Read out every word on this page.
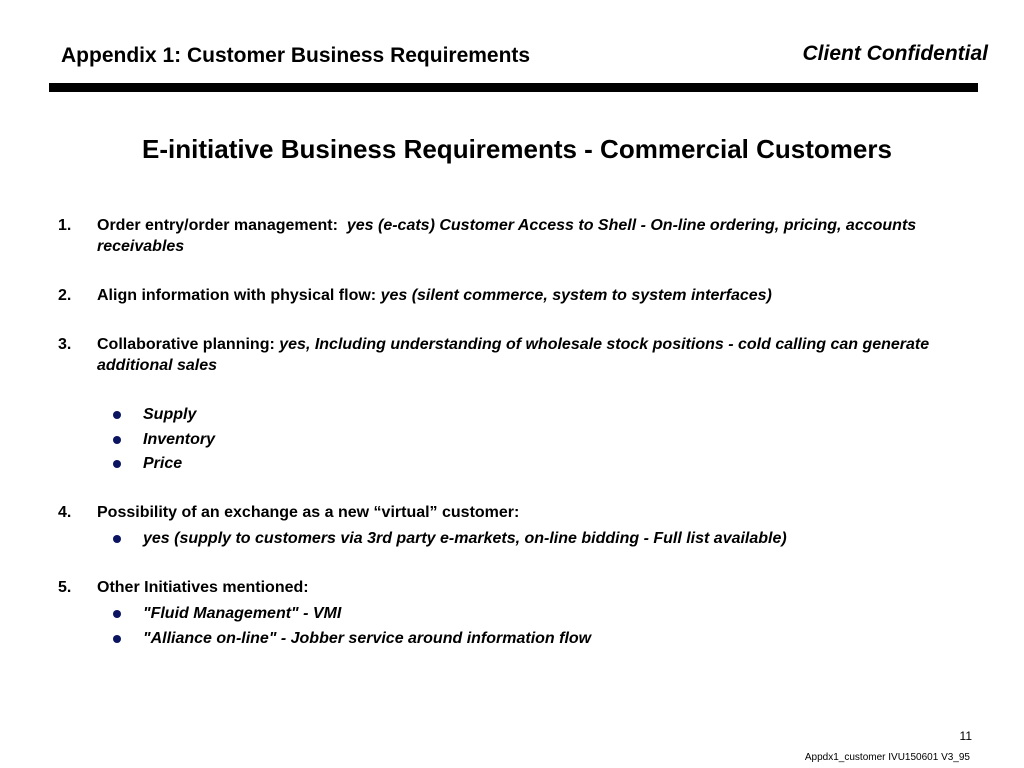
Appendix 1: Customer Business Requirements	Client Confidential
E-initiative Business Requirements - Commercial Customers
1. Order entry/order management: yes (e-cats) Customer Access to Shell - On-line ordering, pricing, accounts receivables
2. Align information with physical flow: yes (silent commerce, system to system interfaces)
3. Collaborative planning: yes, Including understanding of wholesale stock positions - cold calling can generate additional sales
Supply
Inventory
Price
4. Possibility of an exchange as a new “virtual” customer:
yes (supply to customers via 3rd party e-markets, on-line bidding - Full list available)
5. Other Initiatives mentioned:
"Fluid Management" - VMI
"Alliance on-line" - Jobber service around information flow
11
Appdx1_customer IVU150601 V3_95
